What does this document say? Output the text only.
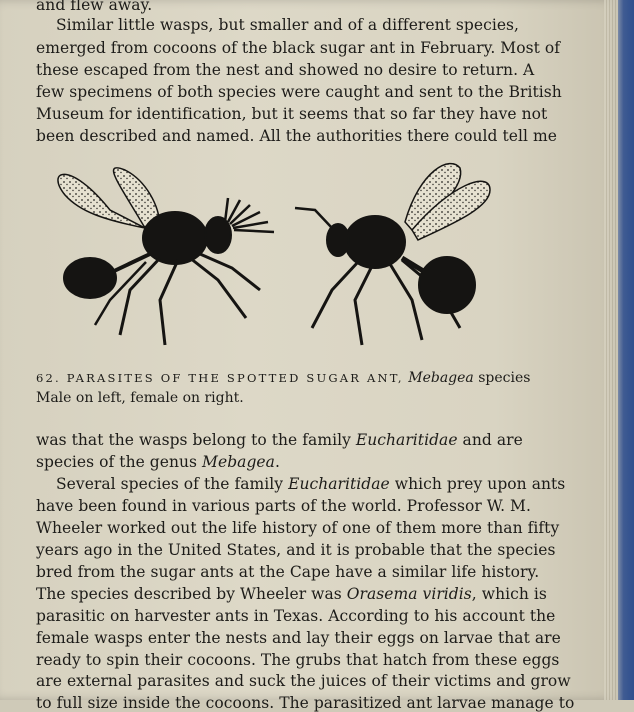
and flew away.
Similar little wasps, but smaller and of a different species,
emerged from cocoons of the black sugar ant in February. Most of
these escaped from the nest and showed no desire to return. A
few specimens of both species were caught and sent to the British
Museum for identification, but it seems that so far they have not
been described and named. All the authorities there could tell me
62. PARASITES OF THE SPOTTED SUGAR ANT, Mebagea species
Male on left, female on right.
was that the wasps belong to the family Eucharitidae and are
species of the genus Mebagea.
Several species of the family Eucharitidae which prey upon ants
have been found in various parts of the world. Professor W. M.
Wheeler worked out the life history of one of them more than fifty
years ago in the United States, and it is probable that the species
bred from the sugar ants at the Cape have a similar life history.
The species described by Wheeler was Orasema viridis, which is
parasitic on harvester ants in Texas. According to his account the
female wasps enter the nests and lay their eggs on larvae that are
ready to spin their cocoons. The grubs that hatch from these eggs
are external parasites and suck the juices of their victims and grow
to full size inside the cocoons. The parasitized ant larvae manage to
